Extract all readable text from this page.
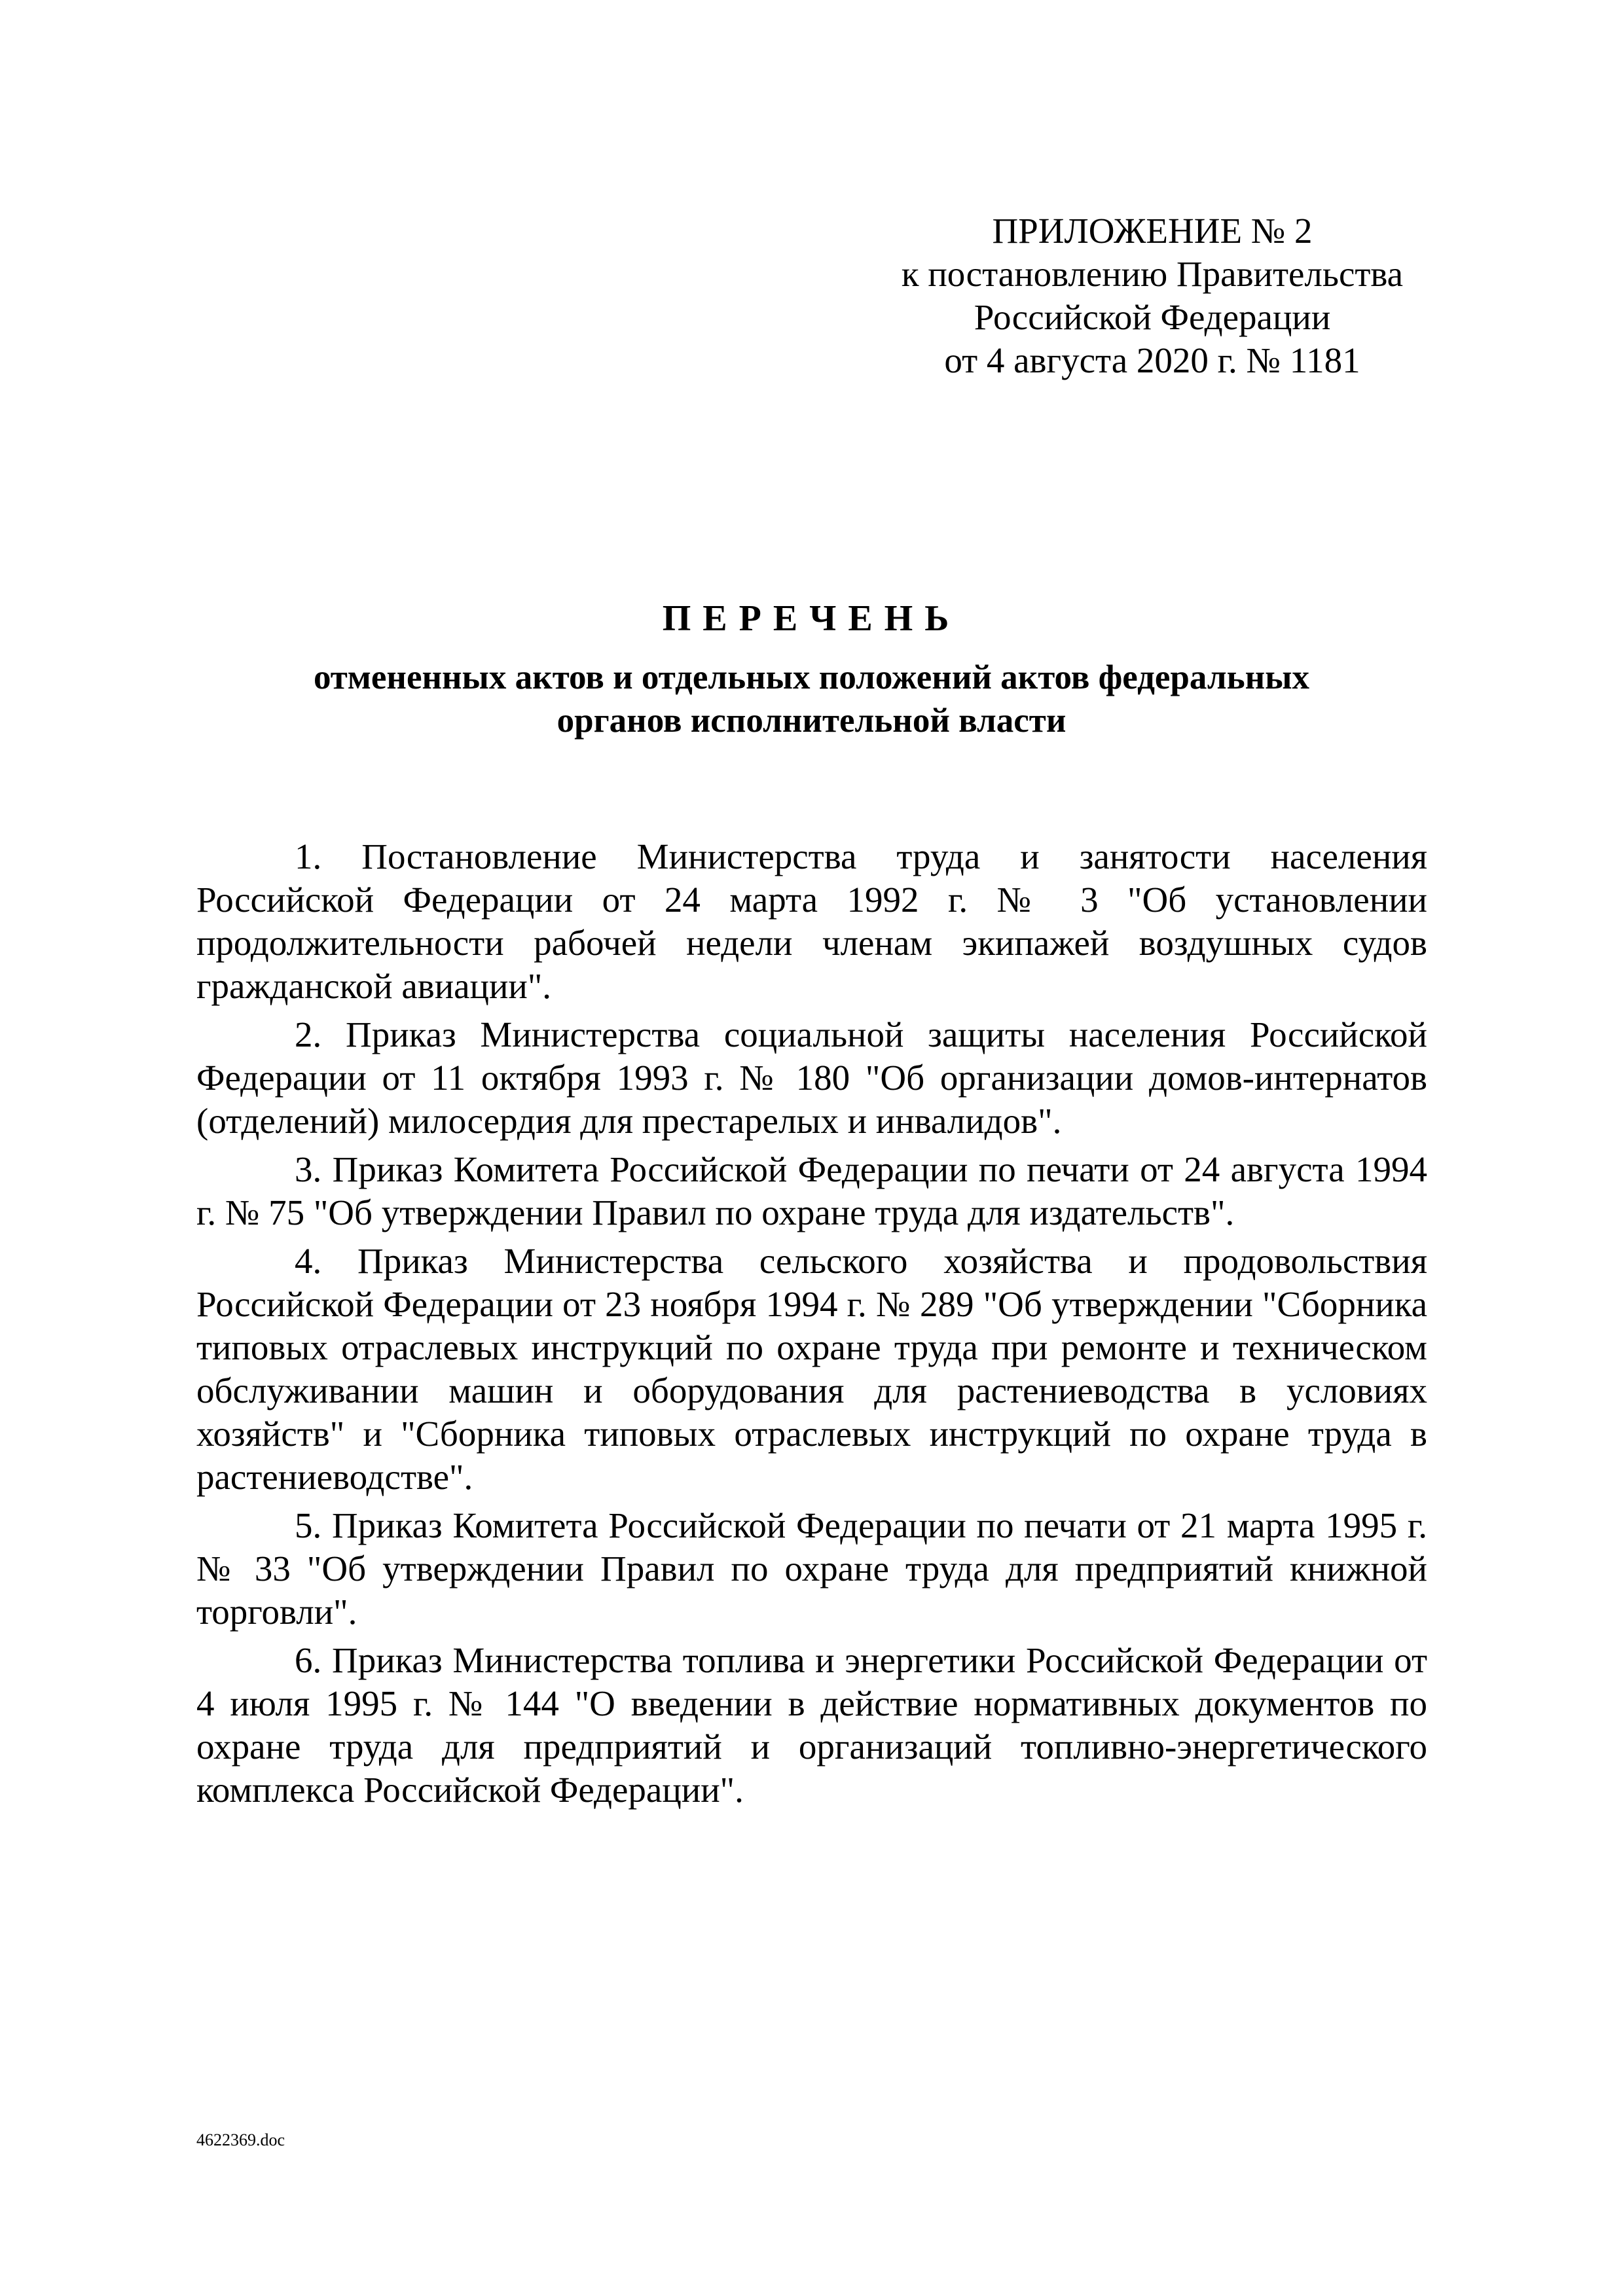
ПРИЛОЖЕНИЕ № 2
к постановлению Правительства
Российской Федерации
от 4 августа 2020 г. № 1181
ПЕРЕЧЕНЬ
отмененных актов и отдельных положений актов федеральных
органов исполнительной власти

1. Постановление Министерства труда и занятости населения Российской Федерации от 24 марта 1992 г. № 3 "Об установлении продолжительности рабочей недели членам экипажей воздушных судов гражданской авиации".

2. Приказ Министерства социальной защиты населения Российской Федерации от 11 октября 1993 г. № 180 "Об организации домов-интернатов (отделений) милосердия для престарелых и инвалидов".

3. Приказ Комитета Российской Федерации по печати от 24 августа 1994 г. № 75 "Об утверждении Правил по охране труда для издательств".

4. Приказ Министерства сельского хозяйства и продовольствия Российской Федерации от 23 ноября 1994 г. № 289 "Об утверждении "Сборника типовых отраслевых инструкций по охране труда при ремонте и техническом обслуживании машин и оборудования для растениеводства в условиях хозяйств" и "Сборника типовых отраслевых инструкций по охране труда в растениеводстве".

5. Приказ Комитета Российской Федерации по печати от 21 марта 1995 г. № 33 "Об утверждении Правил по охране труда для предприятий книжной торговли".

6. Приказ Министерства топлива и энергетики Российской Федерации от 4 июля 1995 г. № 144 "О введении в действие нормативных документов по охране труда для предприятий и организаций топливно-энергетического комплекса Российской Федерации".

4622369.doc
